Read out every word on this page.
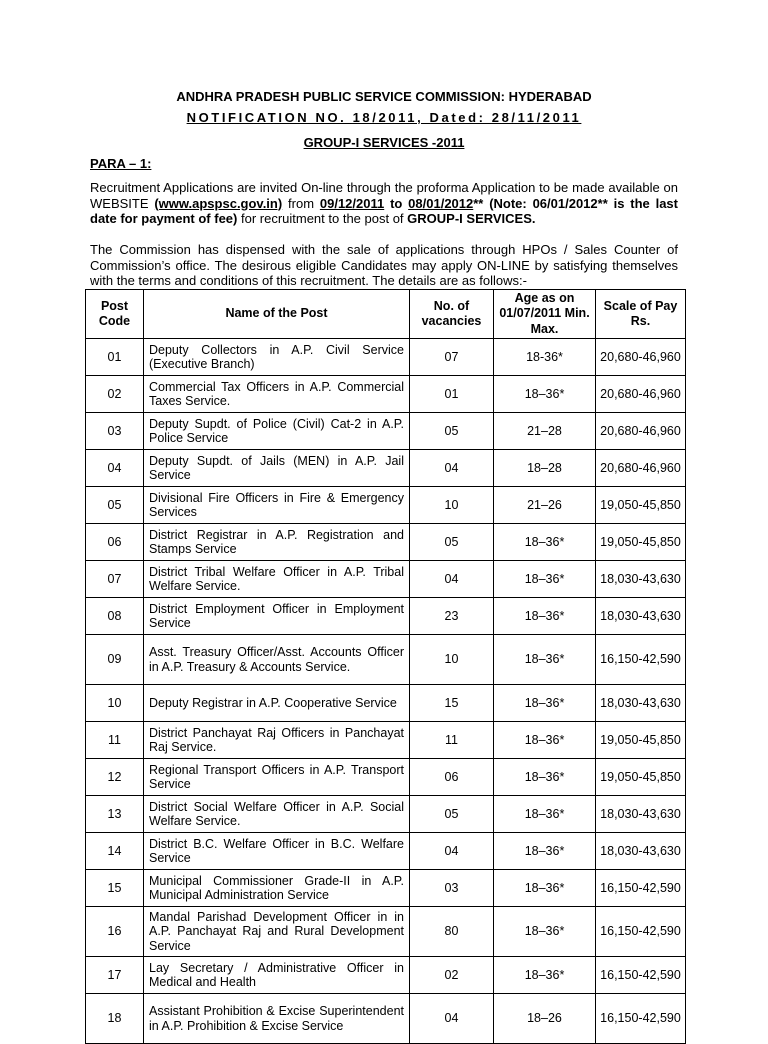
ANDHRA PRADESH PUBLIC SERVICE COMMISSION: HYDERABAD
NOTIFICATION NO. 18/2011, Dated: 28/11/2011
GROUP-I SERVICES -2011
PARA – 1:
Recruitment Applications are invited On-line through the proforma Application to be made available on WEBSITE (www.apspsc.gov.in) from 09/12/2011 to 08/01/2012** (Note: 06/01/2012** is the last date for payment of fee) for recruitment to the post of GROUP-I SERVICES.
The Commission has dispensed with the sale of applications through HPOs / Sales Counter of Commission’s office. The desirous eligible Candidates may apply ON-LINE by satisfying themselves with the terms and conditions of this recruitment. The details are as follows:-
Post Code	Name of the Post	No. of vacancies	Age as on 01/07/2011 Min. Max.	Scale of Pay Rs.
01	Deputy Collectors in A.P. Civil Service (Executive Branch)	07	18-36*	20,680-46,960
02	Commercial Tax Officers in A.P. Commercial Taxes Service.	01	18–36*	20,680-46,960
03	Deputy Supdt. of Police (Civil) Cat-2 in A.P. Police Service	05	21–28	20,680-46,960
04	Deputy Supdt. of Jails (MEN) in A.P. Jail Service	04	18–28	20,680-46,960
05	Divisional Fire Officers in Fire & Emergency Services	10	21–26	19,050-45,850
06	District Registrar in A.P. Registration and Stamps Service	05	18–36*	19,050-45,850
07	District Tribal Welfare Officer in A.P. Tribal Welfare Service.	04	18–36*	18,030-43,630
08	District Employment Officer in Employment Service	23	18–36*	18,030-43,630
09	Asst. Treasury Officer/Asst. Accounts Officer in A.P. Treasury & Accounts Service.	10	18–36*	16,150-42,590
10	Deputy Registrar in A.P. Cooperative Service	15	18–36*	18,030-43,630
11	District Panchayat Raj Officers in Panchayat Raj Service.	11	18–36*	19,050-45,850
12	Regional Transport Officers in A.P. Transport Service	06	18–36*	19,050-45,850
13	District Social Welfare Officer in A.P. Social Welfare Service.	05	18–36*	18,030-43,630
14	District B.C. Welfare Officer in B.C. Welfare Service	04	18–36*	18,030-43,630
15	Municipal Commissioner Grade-II in A.P. Municipal Administration Service	03	18–36*	16,150-42,590
16	Mandal Parishad Development Officer in in A.P. Panchayat Raj and Rural Development Service	80	18–36*	16,150-42,590
17	Lay Secretary / Administrative Officer in Medical and Health	02	18–36*	16,150-42,590
18	Assistant Prohibition & Excise Superintendent in A.P. Prohibition & Excise Service	04	18–26	16,150-42,590
